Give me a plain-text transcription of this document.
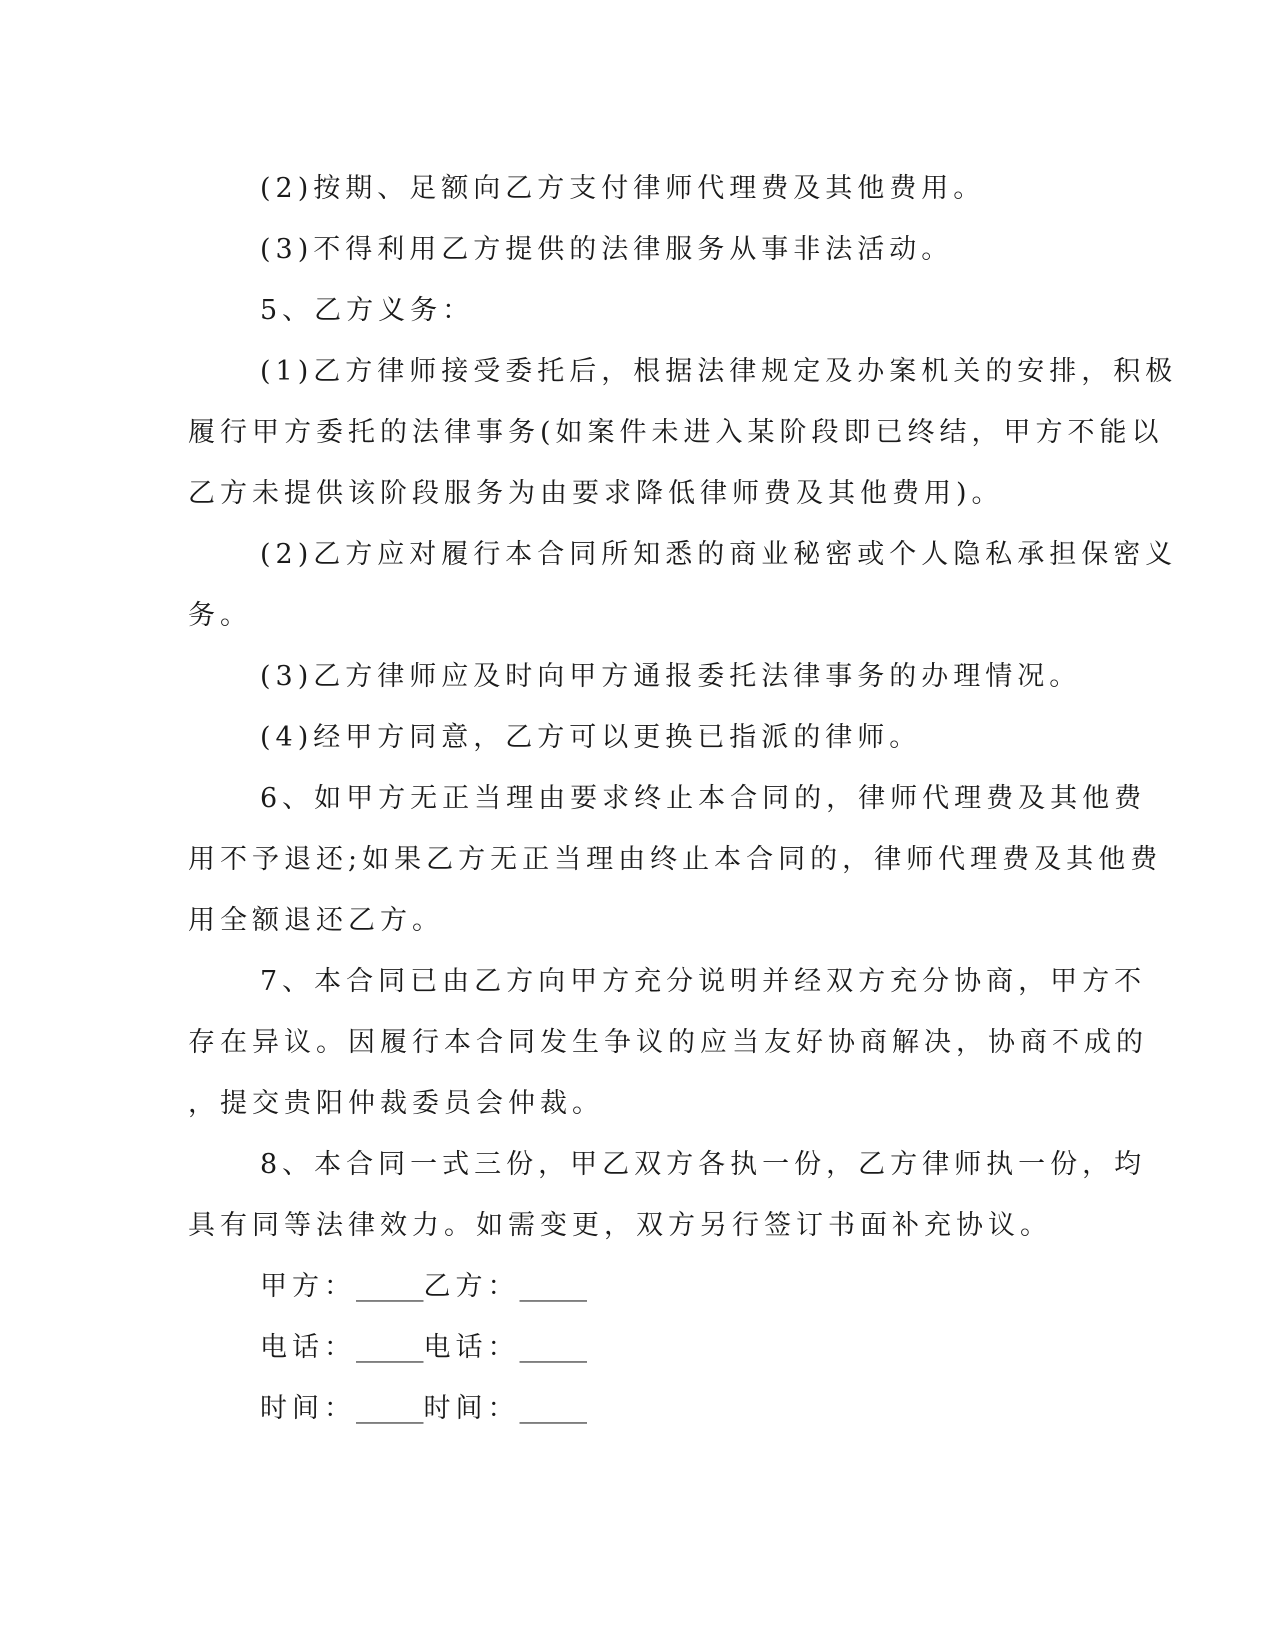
(2)按期、足额向乙方支付律师代理费及其他费用。
(3)不得利用乙方提供的法律服务从事非法活动。
5、乙方义务：
(1)乙方律师接受委托后，根据法律规定及办案机关的安排，积极
履行甲方委托的法律事务(如案件未进入某阶段即已终结，甲方不能以
乙方未提供该阶段服务为由要求降低律师费及其他费用)。
(2)乙方应对履行本合同所知悉的商业秘密或个人隐私承担保密义
务。
(3)乙方律师应及时向甲方通报委托法律事务的办理情况。
(4)经甲方同意，乙方可以更换已指派的律师。
6、如甲方无正当理由要求终止本合同的，律师代理费及其他费
用不予退还;如果乙方无正当理由终止本合同的，律师代理费及其他费
用全额退还乙方。
7、本合同已由乙方向甲方充分说明并经双方充分协商，甲方不
存在异议。因履行本合同发生争议的应当友好协商解决，协商不成的
，提交贵阳仲裁委员会仲裁。
8、本合同一式三份，甲乙双方各执一份，乙方律师执一份，均
具有同等法律效力。如需变更，双方另行签订书面补充协议。
甲方：_____乙方：_____
电话：_____电话：_____
时间：_____时间：_____
